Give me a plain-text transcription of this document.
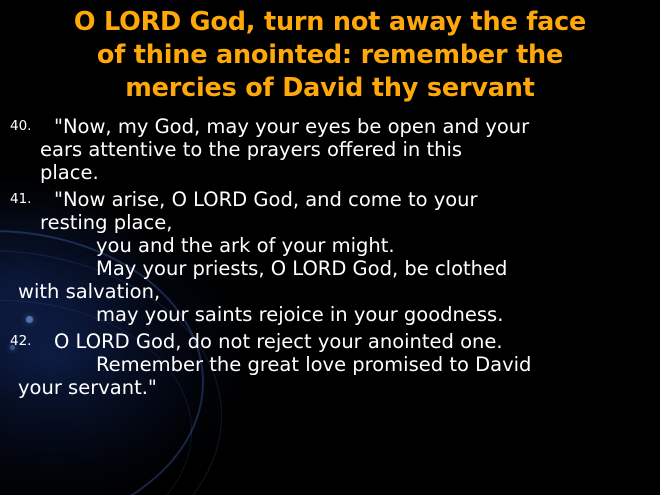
O LORD God, turn not away the face
of thine anointed: remember the
mercies of David thy servant
40.	"Now, my God, may your eyes be open and your
ears attentive to the prayers offered in this
place.
41.	"Now arise, O LORD God, and come to your
resting place,
you and the ark of your might.
May your priests, O LORD God, be clothed
with salvation,
may your saints rejoice in your goodness.
42.	O LORD God, do not reject your anointed one.
Remember the great love promised to David
your servant."
